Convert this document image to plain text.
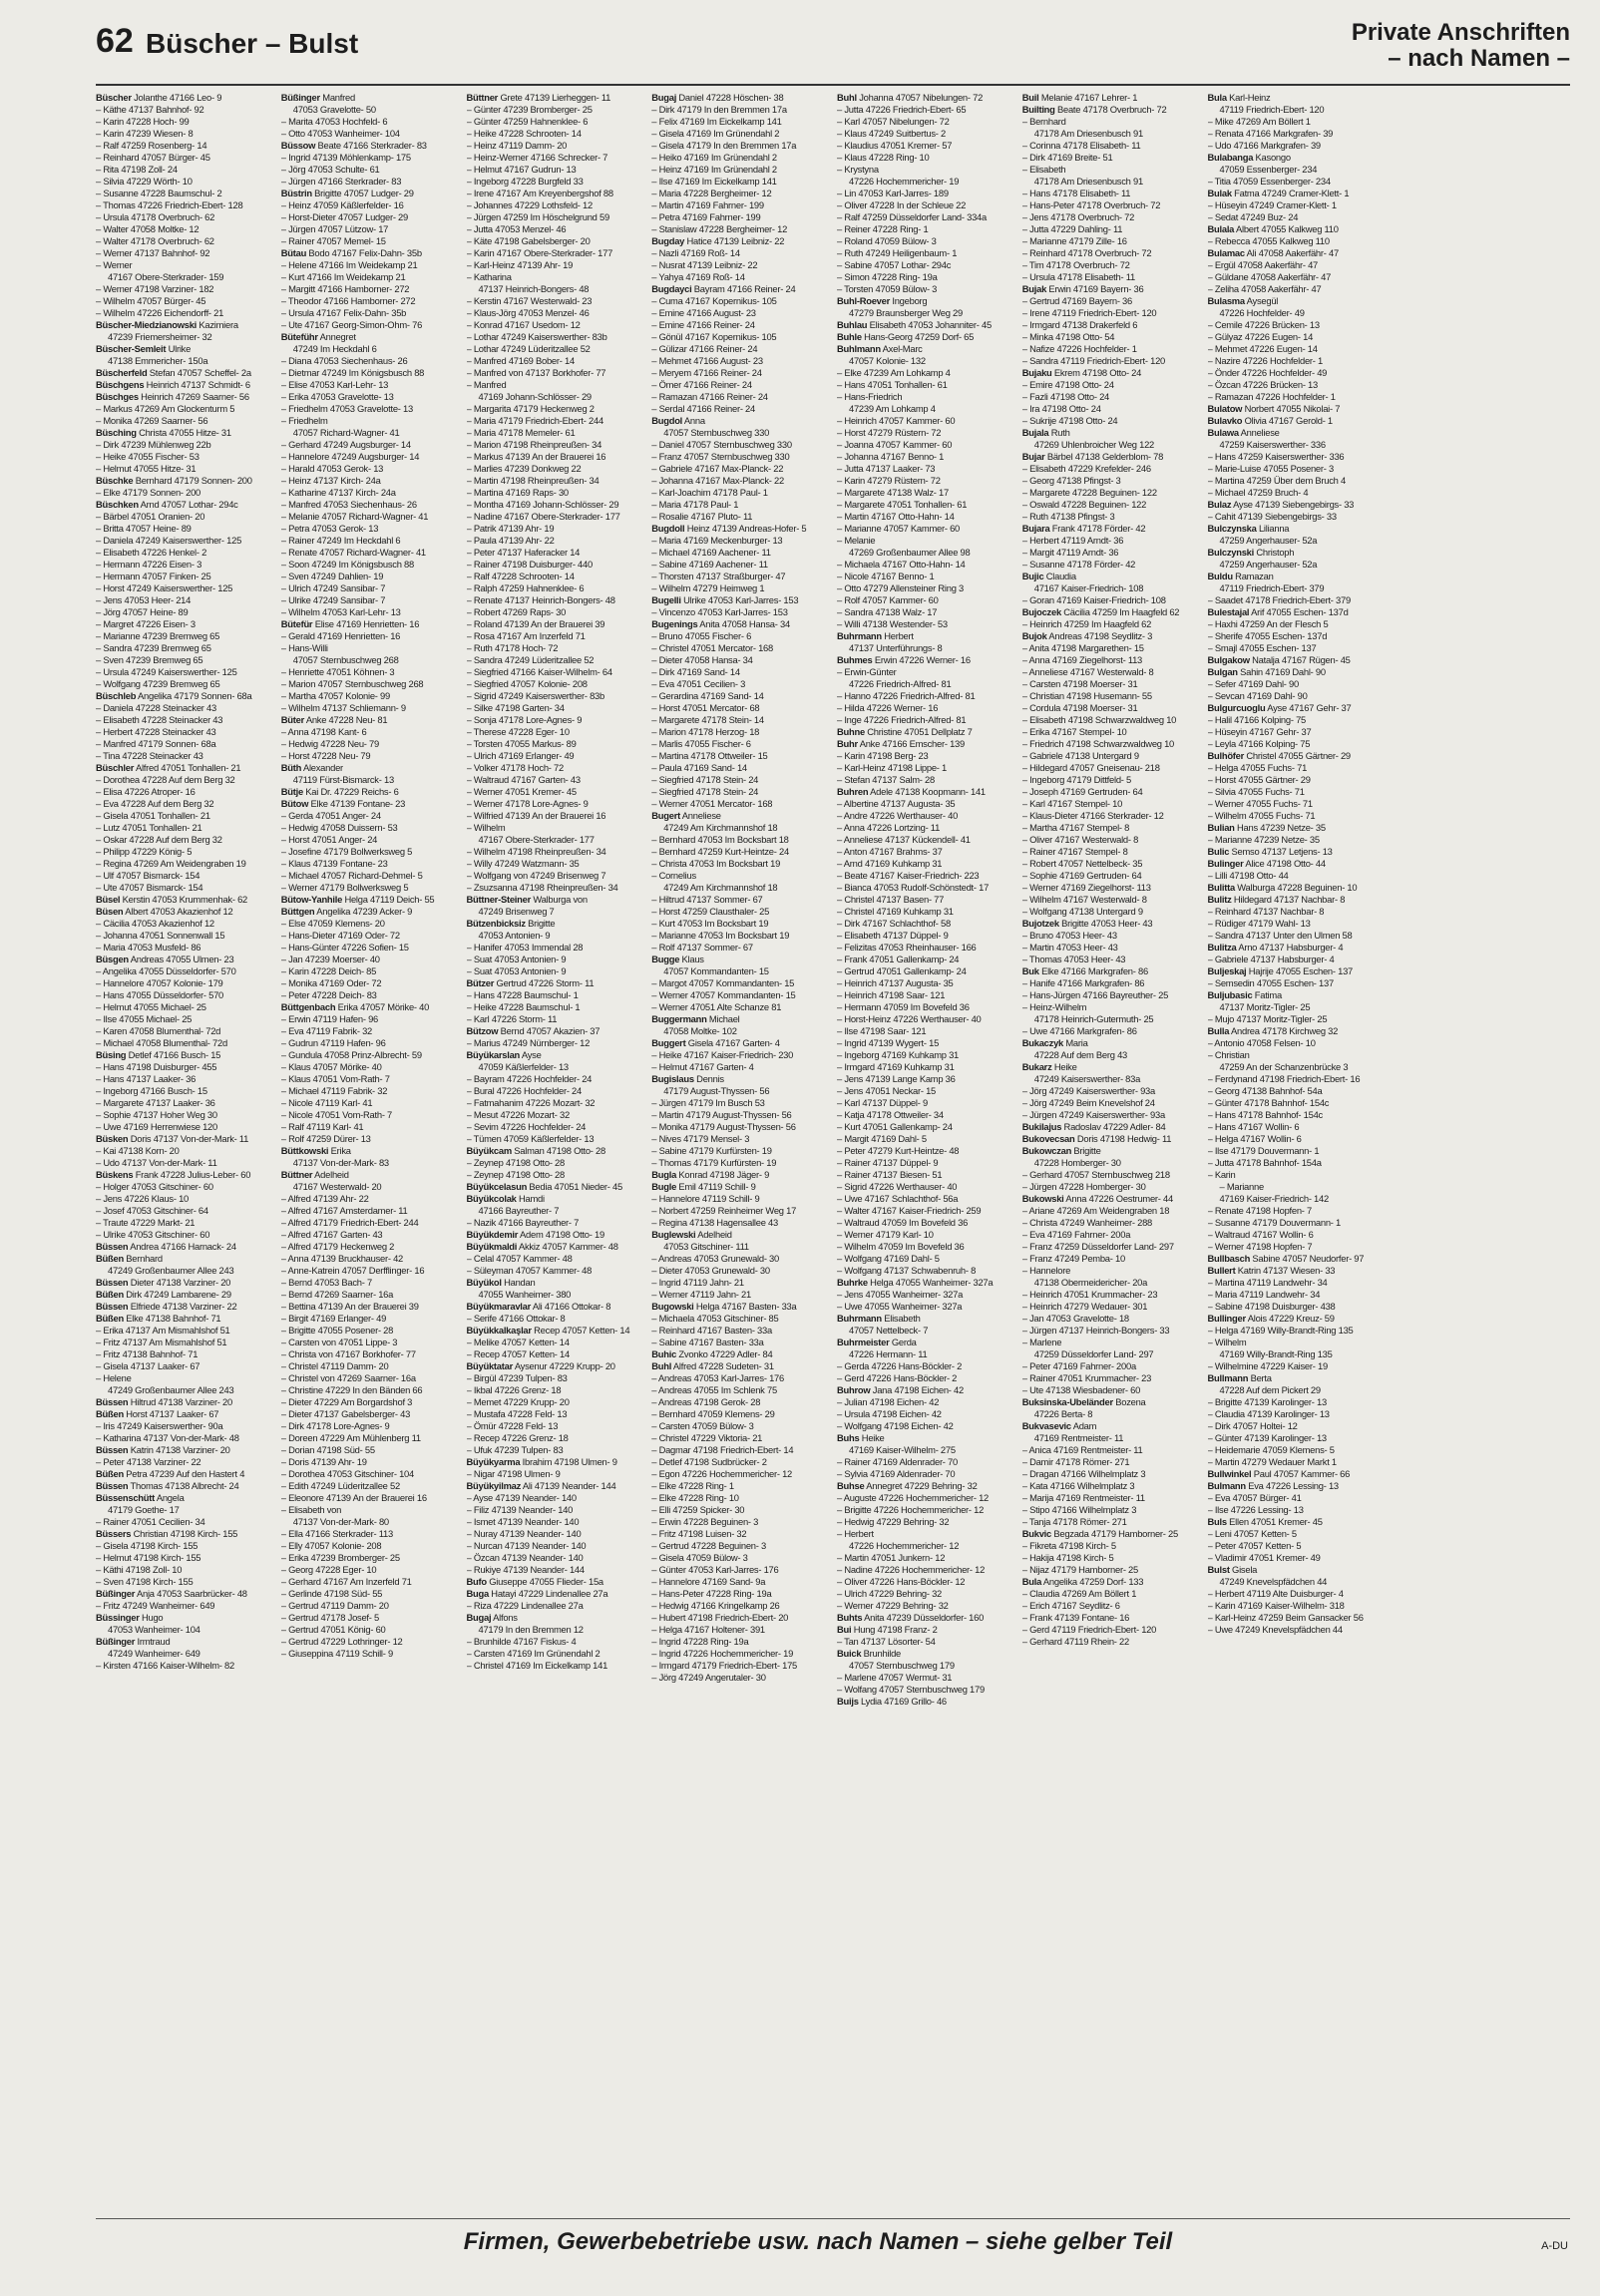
62 Büscher – Bulst	Private Anschriften
– nach Namen –
Büscher Jolanthe 47166 Leo- 9
– Käthe 47137 Bahnhof- 92
– Karin 47228 Hoch- 99
– Karin 47239 Wiesen- 8
– Ralf 47259 Rosenberg- 14
– Reinhard 47057 Bürger- 45
– Rita 47198 Zoll- 24
– Silvia 47229 Wörth- 10
– Susanne 47228 Baumschul- 2
– Thomas 47226 Friedrich-Ebert- 128
– Ursula 47178 Overbruch- 62
– Walter 47058 Moltke- 12
– Walter 47178 Overbruch- 62
– Werner 47137 Bahnhof- 92
– Werner
47167 Obere-Sterkrader- 159
– Werner 47198 Varziner- 182
– Wilhelm 47057 Bürger- 45
– Wilhelm 47226 Eichendorff- 21
Büscher-Miedzianowski Kazimiera
47239 Friemersheimer- 32
Büscher-Semleit Ulrike
47138 Emmericher- 150a
Büscherfeld Stefan 47057 Scheffel- 2a
Büschgens Heinrich 47137 Schmidt- 6
Büschges Heinrich 47269 Saarner- 56
– Markus 47269 Am Glockenturm 5
– Monika 47269 Saarner- 56
Büsching Christa 47055 Hitze- 31
– Dirk 47239 Mühlenweg 22b
– Heike 47055 Fischer- 53
– Helmut 47055 Hitze- 31
Büschke Bernhard 47179 Sonnen- 200
– Elke 47179 Sonnen- 200
Büschken Arnd 47057 Lothar- 294c
– Bärbel 47051 Oranien- 20
– Britta 47057 Heine- 89
– Daniela 47249 Kaiserswerther- 125
– Elisabeth 47226 Henkel- 2
– Hermann 47226 Eisen- 3
– Hermann 47057 Finken- 25
– Horst 47249 Kaiserswerther- 125
– Jens 47053 Heer- 214
– Jörg 47057 Heine- 89
– Margret 47226 Eisen- 3
– Marianne 47239 Bremweg 65
– Sandra 47239 Bremweg 65
– Sven 47239 Bremweg 65
– Ursula 47249 Kaiserswerther- 125
– Wolfgang 47239 Bremweg 65
Büschleb Angelika 47179 Sonnen- 68a
– Daniela 47228 Steinacker 43
– Elisabeth 47228 Steinacker 43
– Herbert 47228 Steinacker 43
– Manfred 47179 Sonnen- 68a
– Tina 47228 Steinacker 43
Büschler Alfred 47051 Tonhallen- 21
– Dorothea 47228 Auf dem Berg 32
– Elisa 47226 Atroper- 16
– Eva 47228 Auf dem Berg 32
– Gisela 47051 Tonhallen- 21
– Lutz 47051 Tonhallen- 21
– Oskar 47228 Auf dem Berg 32
– Philipp 47229 König- 5
– Regina 47269 Am Weidengraben 19
– Ulf 47057 Bismarck- 154
– Ute 47057 Bismarck- 154
Büsel Kerstin 47053 Krummenhak- 62
Büsen Albert 47053 Akazienhof 12
– Cäcilia 47053 Akazienhof 12
– Johanna 47051 Sonnenwall 15
– Maria 47053 Musfeld- 86
Büsgen Andreas 47055 Ulmen- 23
– Angelika 47055 Düsseldorfer- 570
– Hannelore 47057 Kolonie- 179
– Hans 47055 Düsseldorfer- 570
– Helmut 47055 Michael- 25
– Ilse 47055 Michael- 25
– Karen 47058 Blumenthal- 72d
– Michael 47058 Blumenthal- 72d
Büsing Detlef 47166 Busch- 15
– Hans 47198 Duisburger- 455
– Hans 47137 Laaker- 36
– Ingeborg 47166 Busch- 15
– Margarete 47137 Laaker- 36
– Sophie 47137 Hoher Weg 30
– Uwe 47169 Herrenwiese 120
Büsken Doris 47137 Von-der-Mark- 11
– Kai 47138 Korn- 20
– Udo 47137 Von-der-Mark- 11
Büskens Frank 47228 Julius-Leber- 60
– Holger 47053 Gitschiner- 60
– Jens 47226 Klaus- 10
– Josef 47053 Gitschiner- 64
– Traute 47229 Markt- 21
– Ulrike 47053 Gitschiner- 60
Büssen Andrea 47166 Harnack- 24
Büßen Bernhard
47249 Großenbaumer Allee 243
Büssen Dieter 47138 Varziner- 20
Büßen Dirk 47249 Lambarene- 29
Büssen Elfriede 47138 Varziner- 22
Büßen Elke 47138 Bahnhof- 71
– Erika 47137 Am Mismahlshof 51
– Fritz 47137 Am Mismahlshof 51
– Fritz 47138 Bahnhof- 71
– Gisela 47137 Laaker- 67
– Helene
47249 Großenbaumer Allee 243
Büssen Hiltrud 47138 Varziner- 20
Büßen Horst 47137 Laaker- 67
– Iris 47249 Kaiserswerther- 90a
– Katharina 47137 Von-der-Mark- 48
Büssen Katrin 47138 Varziner- 20
– Peter 47138 Varziner- 22
Büßen Petra 47239 Auf den Hastert 4
Büssen Thomas 47138 Albrecht- 24
Büssenschütt Angela
47179 Goethe- 17
– Rainer 47051 Cecilien- 34
Büssers Christian 47198 Kirch- 155
– Gisela 47198 Kirch- 155
– Helmut 47198 Kirch- 155
– Käthi 47198 Zoll- 10
– Sven 47198 Kirch- 155
Büßinger Anja 47053 Saarbrücker- 48
– Fritz 47249 Wanheimer- 649
Büssinger Hugo
47053 Wanheimer- 104
Büßinger Irmtraud
47249 Wanheimer- 649
– Kirsten 47166 Kaiser-Wilhelm- 82
Büßinger Manfred
47053 Gravelotte- 50
– Marita 47053 Hochfeld- 6
– Otto 47053 Wanheimer- 104
Büssow Beate 47166 Sterkrader- 83
– Ingrid 47139 Möhlenkamp- 175
– Jörg 47053 Schulte- 61
– Jürgen 47166 Sterkrader- 83
Büstrin Brigitte 47057 Ludger- 29
– Heinz 47059 Käßlerfelder- 16
– Horst-Dieter 47057 Ludger- 29
– Jürgen 47057 Lützow- 17
– Rainer 47057 Memel- 15
Bütau Bodo 47167 Felix-Dahn- 35b
– Helene 47166 Im Weidekamp 21
– Kurt 47166 Im Weidekamp 21
– Margitt 47166 Hamborner- 272
– Theodor 47166 Hamborner- 272
– Ursula 47167 Felix-Dahn- 35b
– Ute 47167 Georg-Simon-Ohm- 76
Büteführ Annegret
47249 Im Heckdahl 6
– Diana 47053 Siechenhaus- 26
– Dietmar 47249 Im Königsbusch 88
– Elise 47053 Karl-Lehr- 13
– Erika 47053 Gravelotte- 13
– Friedhelm 47053 Gravelotte- 13
– Friedhelm
47057 Richard-Wagner- 41
– Gerhard 47249 Augsburger- 14
– Hannelore 47249 Augsburger- 14
– Harald 47053 Gerok- 13
– Heinz 47137 Kirch- 24a
– Katharine 47137 Kirch- 24a
– Manfred 47053 Siechenhaus- 26
– Melanie 47057 Richard-Wagner- 41
– Petra 47053 Gerok- 13
– Rainer 47249 Im Heckdahl 6
– Renate 47057 Richard-Wagner- 41
– Soon 47249 Im Königsbusch 88
– Sven 47249 Dahlien- 19
– Ulrich 47249 Sansibar- 7
– Ulrike 47249 Sansibar- 7
– Wilhelm 47053 Karl-Lehr- 13
Bütefür Elise 47169 Henrietten- 16
– Gerald 47169 Henrietten- 16
– Hans-Willi
47057 Sternbuschweg 268
– Henriette 47051 Köhnen- 3
– Marion 47057 Sternbuschweg 268
– Martha 47057 Kolonie- 99
– Wilhelm 47137 Schliemann- 9
Büter Anke 47228 Neu- 81
– Anna 47198 Kant- 6
– Hedwig 47228 Neu- 79
– Horst 47228 Neu- 79
Büth Alexander
47119 Fürst-Bismarck- 13
Bütje Kai Dr. 47229 Reichs- 6
Bütow Elke 47139 Fontane- 23
– Gerda 47051 Anger- 24
– Hedwig 47058 Duissern- 53
– Horst 47051 Anger- 24
– Josefine 47179 Bollwerksweg 5
– Klaus 47139 Fontane- 23
– Michael 47057 Richard-Dehmel- 5
– Werner 47179 Bollwerksweg 5
Bütow-Yanhile Helga 47119 Deich- 55
Büttgen Angelika 47239 Acker- 9
– Else 47059 Klemens- 20
– Hans-Dieter 47169 Oder- 72
– Hans-Günter 47226 Sofien- 15
– Jan 47239 Moerser- 40
– Karin 47228 Deich- 85
– Monika 47169 Oder- 72
– Peter 47228 Deich- 83
Büttgenbach Erika 47057 Mörike- 40
– Erwin 47119 Hafen- 96
– Eva 47119 Fabrik- 32
– Gudrun 47119 Hafen- 96
– Gundula 47058 Prinz-Albrecht- 59
– Klaus 47057 Mörike- 40
– Klaus 47051 Vom-Rath- 7
– Michael 47119 Fabrik- 32
– Nicole 47119 Karl- 41
– Nicole 47051 Vom-Rath- 7
– Ralf 47119 Karl- 41
– Rolf 47259 Dürer- 13
Büttkowski Erika
47137 Von-der-Mark- 83
Büttner Adelheid
47167 Westerwald- 20
– Alfred 47139 Ahr- 22
– Alfred 47167 Amsterdamer- 11
– Alfred 47179 Friedrich-Ebert- 244
– Alfred 47167 Garten- 43
– Alfred 47179 Heckenweg 2
– Anna 47139 Bruckhauser- 42
– Anne-Katrein 47057 Derfflinger- 16
– Bernd 47053 Bach- 7
– Bernd 47269 Saarner- 16a
– Bettina 47139 An der Brauerei 39
– Birgit 47169 Erlanger- 49
– Brigitte 47055 Posener- 28
– Carsten von 47051 Lippe- 3
– Christa von 47167 Borkhofer- 77
– Christel 47119 Damm- 20
– Christel von 47269 Saarner- 16a
– Christine 47229 In den Bänden 66
– Dieter 47229 Am Borgardshof 3
– Dieter 47137 Gabelsberger- 43
– Dirk 47178 Lore-Agnes- 9
– Doreen 47229 Am Mühlenberg 11
– Dorian 47198 Süd- 55
– Doris 47139 Ahr- 19
– Dorothea 47053 Gitschiner- 104
– Edith 47249 Lüderitzallee 52
– Eleonore 47139 An der Brauerei 16
– Elisabeth von
47137 Von-der-Mark- 80
– Ella 47166 Sterkrader- 113
– Elly 47057 Kolonie- 208
– Erika 47239 Bromberger- 25
– Georg 47228 Eger- 10
– Gerhard 47167 Am Inzerfeld 71
– Gerlinde 47198 Süd- 55
– Gertrud 47119 Damm- 20
– Gertrud 47178 Josef- 5
– Gertrud 47051 König- 60
– Gertrud 47229 Lothringer- 12
– Giuseppina 47119 Schill- 9
Büttner Grete 47139 Lierheggen- 11
– Günter 47239 Bromberger- 25
– Günter 47259 Hahnenklee- 6
– Heike 47228 Schrooten- 14
– Heinz 47119 Damm- 20
– Heinz-Werner 47166 Schrecker- 7
– Helmut 47167 Gudrun- 13
– Ingeborg 47228 Burgfeld 33
– Irene 47167 Am Kreyenbergshof 88
– Johannes 47229 Lothsfeld- 12
– Jürgen 47259 Im Höschelgrund 59
– Jutta 47053 Menzel- 46
– Käte 47198 Gabelsberger- 20
– Karin 47167 Obere-Sterkrader- 177
– Karl-Heinz 47139 Ahr- 19
– Katharina
47137 Heinrich-Bongers- 48
– Kerstin 47167 Westerwald- 23
– Klaus-Jörg 47053 Menzel- 46
– Konrad 47167 Usedom- 12
– Lothar 47249 Kaiserswerther- 83b
– Lothar 47249 Lüderitzallee 52
– Manfred 47169 Bober- 14
– Manfred von 47137 Borkhofer- 77
– Manfred
47169 Johann-Schlösser- 29
– Margarita 47179 Heckenweg 2
– Maria 47179 Friedrich-Ebert- 244
– Maria 47178 Memeler- 61
– Marion 47198 Rheinpreußen- 34
– Markus 47139 An der Brauerei 16
– Marlies 47239 Donkweg 22
– Martin 47198 Rheinpreußen- 34
– Martina 47169 Raps- 30
– Montha 47169 Johann-Schlösser- 29
– Nadine 47167 Obere-Sterkrader- 177
– Patrik 47139 Ahr- 19
– Paula 47139 Ahr- 22
– Peter 47137 Haferacker 14
– Rainer 47198 Duisburger- 440
– Ralf 47228 Schrooten- 14
– Ralph 47259 Hahnenklee- 6
– Renate 47137 Heinrich-Bongers- 48
– Robert 47269 Raps- 30
– Roland 47139 An der Brauerei 39
– Rosa 47167 Am Inzerfeld 71
– Ruth 47178 Hoch- 72
– Sandra 47249 Lüderitzallee 52
– Siegfried 47166 Kaiser-Wilhelm- 64
– Siegfried 47057 Kolonie- 208
– Sigrid 47249 Kaiserswerther- 83b
– Silke 47198 Garten- 34
– Sonja 47178 Lore-Agnes- 9
– Therese 47228 Eger- 10
– Torsten 47055 Markus- 89
– Ulrich 47169 Erlanger- 49
– Volker 47178 Hoch- 72
– Waltraud 47167 Garten- 43
– Werner 47051 Kremer- 45
– Werner 47178 Lore-Agnes- 9
– Wilfried 47139 An der Brauerei 16
– Wilhelm
47167 Obere-Sterkrader- 177
– Wilhelm 47198 Rheinpreußen- 34
– Willy 47249 Watzmann- 35
– Wolfgang von 47249 Brisenweg 7
– Zsuzsanna 47198 Rheinpreußen- 34
Büttner-Steiner Walburga von
47249 Brisenweg 7
Bützenbicksiz Brigitte
47053 Antonien- 9
– Hanifer 47053 Immendal 28
– Suat 47053 Antonien- 9
– Suat 47053 Antonien- 9
Bützer Gertrud 47226 Storm- 11
– Hans 47228 Baumschul- 1
– Heike 47228 Baumschul- 1
– Karl 47226 Storm- 11
Bützow Bernd 47057 Akazien- 37
– Marius 47249 Nürnberger- 12
Büyükarslan Ayse
47059 Käßlerfelder- 13
– Bayram 47226 Hochfelder- 24
– Bural 47226 Hochfelder- 24
– Fatmahanim 47226 Mozart- 32
– Mesut 47226 Mozart- 32
– Sevim 47226 Hochfelder- 24
– Tümen 47059 Käßlerfelder- 13
Büyükcam Salman 47198 Otto- 28
– Zeynep 47198 Otto- 28
– Zeynep 47198 Otto- 28
Büyükcelasun Bedia 47051 Nieder- 45
Büyükcolak Hamdi
47166 Bayreuther- 7
– Nazik 47166 Bayreuther- 7
Büyükdemir Adem 47198 Otto- 19
Büyükmaldi Akkiz 47057 Kammer- 48
– Celal 47057 Kammer- 48
– Süleyman 47057 Kammer- 48
Büyükol Handan
47055 Wanheimer- 380
Büyükmaravlar Ali 47166 Ottokar- 8
– Serife 47166 Ottokar- 8
Büyükkalkaşlar Recep 47057 Ketten- 14
– Melike 47057 Ketten- 14
– Recep 47057 Ketten- 14
Büyüktatar Aysenur 47229 Krupp- 20
– Birgül 47239 Tulpen- 83
– Ikbal 47226 Grenz- 18
– Memet 47229 Krupp- 20
– Mustafa 47228 Feld- 13
– Ömür 47228 Feld- 13
– Recep 47226 Grenz- 18
– Ufuk 47239 Tulpen- 83
Büyükyarma Ibrahim 47198 Ulmen- 9
– Nigar 47198 Ulmen- 9
Büyükyilmaz Ali 47139 Neander- 144
– Ayse 47139 Neander- 140
– Filiz 47139 Neander- 140
– Ismet 47139 Neander- 140
– Nuray 47139 Neander- 140
– Nurcan 47139 Neander- 140
– Özcan 47139 Neander- 140
– Rukiye 47139 Neander- 144
Bufo Giuseppe 47055 Flieder- 15a
Buga Hatayi 47229 Lindenallee 27a
– Riza 47229 Lindenallee 27a
Bugaj Alfons
47179 In den Bremmen 12
– Brunhilde 47167 Fiskus- 4
– Carsten 47169 Im Grünendahl 2
– Christel 47169 Im Eickelkamp 141
Bugaj Daniel 47228 Höschen- 38
– Dirk 47179 In den Bremmen 17a
– Felix 47169 Im Eickelkamp 141
– Gisela 47169 Im Grünendahl 2
– Gisela 47179 In den Bremmen 17a
– Heiko 47169 Im Grünendahl 2
– Heinz 47169 Im Grünendahl 2
– Ilse 47169 Im Eickelkamp 141
– Maria 47228 Bergheimer- 12
– Martin 47169 Fahrner- 199
– Petra 47169 Fahrner- 199
– Stanislaw 47228 Bergheimer- 12
Bugday Hatice 47139 Leibniz- 22
– Nazli 47169 Roß- 14
– Nusrat 47139 Leibniz- 22
– Yahya 47169 Roß- 14
Bugdayci Bayram 47166 Reiner- 24
– Cuma 47167 Kopernikus- 105
– Emine 47166 August- 23
– Emine 47166 Reiner- 24
– Gönül 47167 Kopernikus- 105
– Gülizar 47166 Reiner- 24
– Mehmet 47166 August- 23
– Meryem 47166 Reiner- 24
– Ömer 47166 Reiner- 24
– Ramazan 47166 Reiner- 24
– Serdal 47166 Reiner- 24
Bugdol Anna
47057 Sternbuschweg 330
– Daniel 47057 Sternbuschweg 330
– Franz 47057 Sternbuschweg 330
– Gabriele 47167 Max-Planck- 22
– Johanna 47167 Max-Planck- 22
– Karl-Joachim 47178 Paul- 1
– Maria 47178 Paul- 1
– Rosalie 47167 Pluto- 11
Bugdoll Heinz 47139 Andreas-Hofer- 5
– Maria 47169 Meckenburger- 13
– Michael 47169 Aachener- 11
– Sabine 47169 Aachener- 11
– Thorsten 47137 Straßburger- 47
– Wilhelm 47279 Heimweg 1
Bugelli Ulrike 47053 Karl-Jarres- 153
– Vincenzo 47053 Karl-Jarres- 153
Bugenings Anita 47058 Hansa- 34
– Bruno 47055 Fischer- 6
– Christel 47051 Mercator- 168
– Dieter 47058 Hansa- 34
– Dirk 47169 Sand- 14
– Eva 47051 Cecilien- 3
– Gerardina 47169 Sand- 14
– Horst 47051 Mercator- 68
– Margarete 47178 Stein- 14
– Marion 47178 Herzog- 18
– Marlis 47055 Fischer- 6
– Martina 47178 Ottweiler- 15
– Paula 47169 Sand- 14
– Siegfried 47178 Stein- 24
– Siegfried 47178 Stein- 24
– Werner 47051 Mercator- 168
Bugert Anneliese
47249 Am Kirchmannshof 18
– Bernhard 47053 Im Bocksbart 18
– Bernhard 47259 Kurt-Heintze- 24
– Christa 47053 Im Bocksbart 19
– Cornelius
47249 Am Kirchmannshof 18
– Hiltrud 47137 Sommer- 67
– Horst 47259 Clausthaler- 25
– Kurt 47053 Im Bocksbart 19
– Marianne 47053 Im Bocksbart 19
– Rolf 47137 Sommer- 67
Bugge Klaus
47057 Kommandanten- 15
– Margot 47057 Kommandanten- 15
– Werner 47057 Kommandanten- 15
– Werner 47051 Alte Schanze 81
Buggermann Michael
47058 Moltke- 102
Buggert Gisela 47167 Garten- 4
– Heike 47167 Kaiser-Friedrich- 230
– Helmut 47167 Garten- 4
Bugislaus Dennis
47179 August-Thyssen- 56
– Jürgen 47179 Im Busch 53
– Martin 47179 August-Thyssen- 56
– Monika 47179 August-Thyssen- 56
– Nives 47179 Mensel- 3
– Sabine 47179 Kurfürsten- 19
– Thomas 47179 Kurfürsten- 19
Bugla Konrad 47198 Jäger- 9
Bugle Emil 47119 Schill- 9
– Hannelore 47119 Schill- 9
– Norbert 47259 Reinheimer Weg 17
– Regina 47138 Hagensallee 43
Buglewski Adelheid
47053 Gitschiner- 111
– Andreas 47053 Grunewald- 30
– Dieter 47053 Grunewald- 30
– Ingrid 47119 Jahn- 21
– Werner 47119 Jahn- 21
Bugowski Helga 47167 Basten- 33a
– Michaela 47053 Gitschiner- 85
– Reinhard 47167 Basten- 33a
– Sabine 47167 Basten- 33a
Buhic Zvonko 47229 Adler- 84
Buhl Alfred 47228 Sudeten- 31
– Andreas 47053 Karl-Jarres- 176
– Andreas 47055 Im Schlenk 75
– Andreas 47198 Gerok- 28
– Bernhard 47059 Klemens- 29
– Carsten 47059 Bülow- 3
– Christel 47229 Viktoria- 21
– Dagmar 47198 Friedrich-Ebert- 14
– Detlef 47198 Sudbrücker- 2
– Egon 47226 Hochemmericher- 12
– Elke 47228 Ring- 1
– Elke 47228 Ring- 10
– Elli 47259 Spicker- 30
– Erwin 47228 Beguinen- 3
– Fritz 47198 Luisen- 32
– Gertrud 47228 Beguinen- 3
– Gisela 47059 Bülow- 3
– Günter 47053 Karl-Jarres- 176
– Hannelore 47169 Sand- 9a
– Hans-Peter 47228 Ring- 19a
– Hedwig 47166 Kringelkamp 26
– Hubert 47198 Friedrich-Ebert- 20
– Helga 47167 Holtener- 391
– Ingrid 47228 Ring- 19a
– Ingrid 47226 Hochemmericher- 19
– Irmgard 47179 Friedrich-Ebert- 175
– Jörg 47249 Angerutaler- 30
Buhl Johanna 47057 Nibelungen- 72
– Jutta 47226 Friedrich-Ebert- 65
– Karl 47057 Nibelungen- 72
– Klaus 47249 Suitbertus- 2
– Klaudius 47051 Kremer- 57
– Klaus 47228 Ring- 10
– Krystyna
47226 Hochemmericher- 19
– Lin 47053 Karl-Jarres- 189
– Oliver 47228 In der Schleue 22
– Ralf 47259 Düsseldorfer Land- 334a
– Reiner 47228 Ring- 1
– Roland 47059 Bülow- 3
– Ruth 47249 Heiligenbaum- 1
– Sabine 47057 Lothar- 294c
– Simon 47228 Ring- 19a
– Torsten 47059 Bülow- 3
Buhl-Roever Ingeborg
47279 Braunsberger Weg 29
Buhlau Elisabeth 47053 Johanniter- 45
Buhle Hans-Georg 47259 Dorf- 65
Buhlmann Axel-Marc
47057 Kolonie- 132
– Elke 47239 Am Lohkamp 4
– Hans 47051 Tonhallen- 61
– Hans-Friedrich
47239 Am Lohkamp 4
– Heinrich 47057 Kammer- 60
– Horst 47279 Rüstern- 72
– Joanna 47057 Kammer- 60
– Johanna 47167 Benno- 1
– Jutta 47137 Laaker- 73
– Karin 47279 Rüstern- 72
– Margarete 47138 Walz- 17
– Margarete 47051 Tonhallen- 61
– Martin 47167 Otto-Hahn- 14
– Marianne 47057 Kammer- 60
– Melanie
47269 Großenbaumer Allee 98
– Michaela 47167 Otto-Hahn- 14
– Nicole 47167 Benno- 1
– Otto 47279 Allensteiner Ring 3
– Rolf 47057 Kammer- 60
– Sandra 47138 Walz- 17
– Willi 47138 Westender- 53
Buhrmann Herbert
47137 Unterführungs- 8
Buhmes Erwin 47226 Werner- 16
– Erwin-Günter
47226 Friedrich-Alfred- 81
– Hanno 47226 Friedrich-Alfred- 81
– Hilda 47226 Werner- 16
– Inge 47226 Friedrich-Alfred- 81
Buhne Christine 47051 Dellplatz 7
Buhr Anke 47166 Emscher- 139
– Karin 47198 Berg- 23
– Karl-Heinz 47198 Lippe- 1
– Stefan 47137 Salm- 28
Buhren Adele 47138 Koopmann- 141
– Albertine 47137 Augusta- 35
– Andre 47226 Werthauser- 40
– Anna 47226 Lortzing- 11
– Anneliese 47137 Kückendell- 41
– Anton 47167 Brahms- 37
– Arnd 47169 Kuhkamp 31
– Beate 47167 Kaiser-Friedrich- 223
– Bianca 47053 Rudolf-Schönstedt- 17
– Christel 47137 Basen- 77
– Christel 47169 Kuhkamp 31
– Dirk 47167 Schlachthof- 58
– Elisabeth 47137 Düppel- 9
– Felizitas 47053 Rheinhauser- 166
– Frank 47051 Gallenkamp- 24
– Gertrud 47051 Gallenkamp- 24
– Heinrich 47137 Augusta- 35
– Heinrich 47198 Saar- 121
– Hermann 47059 Im Bovefeld 36
– Horst-Heinz 47226 Werthauser- 40
– Ilse 47198 Saar- 121
– Ingrid 47139 Wygert- 15
– Ingeborg 47169 Kuhkamp 31
– Irmgard 47169 Kuhkamp 31
– Jens 47139 Lange Kamp 36
– Jens 47051 Neckar- 15
– Karl 47137 Düppel- 9
– Katja 47178 Ottweiler- 34
– Kurt 47051 Gallenkamp- 24
– Margit 47169 Dahl- 5
– Peter 47279 Kurt-Heintze- 48
– Rainer 47137 Düppel- 9
– Rainer 47137 Biesen- 51
– Sigrid 47226 Werthauser- 40
– Uwe 47167 Schlachthof- 56a
– Walter 47167 Kaiser-Friedrich- 259
– Waltraud 47059 Im Bovefeld 36
– Werner 47179 Karl- 10
– Wilhelm 47059 Im Bovefeld 36
– Wolfgang 47169 Dahl- 5
– Wolfgang 47137 Schwabenruh- 8
Buhrke Helga 47055 Wanheimer- 327a
– Jens 47055 Wanheimer- 327a
– Uwe 47055 Wanheimer- 327a
Buhrmann Elisabeth
47057 Nettelbeck- 7
Buhrmeister Gerda
47226 Hermann- 11
– Gerda 47226 Hans-Böckler- 2
– Gerd 47226 Hans-Böckler- 2
Buhrow Jana 47198 Eichen- 42
– Julian 47198 Eichen- 42
– Ursula 47198 Eichen- 42
– Wolfgang 47198 Eichen- 42
Buhs Heike
47169 Kaiser-Wilhelm- 275
– Rainer 47169 Aldenrader- 70
– Sylvia 47169 Aldenrader- 70
Buhse Annegret 47229 Behring- 32
– Auguste 47226 Hochemmericher- 12
– Brigitte 47226 Hochemmericher- 12
– Hedwig 47229 Behring- 32
– Herbert
47226 Hochemmericher- 12
– Martin 47051 Junkern- 12
– Nadine 47226 Hochemmericher- 12
– Oliver 47226 Hans-Böckler- 12
– Ulrich 47229 Behring- 32
– Werner 47229 Behring- 32
Buhts Anita 47239 Düsseldorfer- 160
Bui Hung 47198 Franz- 2
– Tan 47137 Lösorter- 54
Buick Brunhilde
47057 Sternbuschweg 179
– Marlene 47057 Wermut- 31
– Wolfang 47057 Sternbuschweg 179
Buijs Lydia 47169 Grillo- 46
Buil Melanie 47167 Lehrer- 1
Builting Beate 47178 Overbruch- 72
– Bernhard
47178 Am Driesenbusch 91
– Corinna 47178 Elisabeth- 11
– Dirk 47169 Breite- 51
– Elisabeth
47178 Am Driesenbusch 91
– Hans 47178 Elisabeth- 11
– Hans-Peter 47178 Overbruch- 72
– Jens 47178 Overbruch- 72
– Jutta 47229 Dahling- 11
– Marianne 47179 Zille- 16
– Reinhard 47178 Overbruch- 72
– Tim 47178 Overbruch- 72
– Ursula 47178 Elisabeth- 11
Bujak Erwin 47169 Bayern- 36
– Gertrud 47169 Bayern- 36
– Irene 47119 Friedrich-Ebert- 120
– Irmgard 47138 Drakerfeld 6
– Minka 47198 Otto- 54
– Nafize 47226 Hochfelder- 1
– Sandra 47119 Friedrich-Ebert- 120
Bujaku Ekrem 47198 Otto- 24
– Emire 47198 Otto- 24
– Fazli 47198 Otto- 24
– Ira 47198 Otto- 24
– Sukrije 47198 Otto- 24
Bujala Ruth
47269 Uhlenbroicher Weg 122
Bujar Bärbel 47138 Gelderblom- 78
– Elisabeth 47229 Krefelder- 246
– Georg 47138 Pfingst- 3
– Margarete 47228 Beguinen- 122
– Oswald 47228 Beguinen- 122
– Ruth 47138 Pfingst- 3
Bujara Frank 47178 Förder- 42
– Herbert 47119 Arndt- 36
– Margit 47119 Arndt- 36
– Susanne 47178 Förder- 42
Bujic Claudia
47167 Kaiser-Friedrich- 108
– Goran 47169 Kaiser-Friedrich- 108
Bujoczek Cäcilia 47259 Im Haagfeld 62
– Heinrich 47259 Im Haagfeld 62
Bujok Andreas 47198 Seydlitz- 3
– Anita 47198 Margarethen- 15
– Anna 47169 Ziegelhorst- 113
– Anneliese 47167 Westerwald- 8
– Carsten 47198 Moerser- 31
– Christian 47198 Husemann- 55
– Cordula 47198 Moerser- 31
– Elisabeth 47198 Schwarzwaldweg 10
– Erika 47167 Stempel- 10
– Friedrich 47198 Schwarzwaldweg 10
– Gabriele 47138 Untergard 9
– Hildegard 47057 Gneisenau- 218
– Ingeborg 47179 Dittfeld- 5
– Joseph 47169 Gertruden- 64
– Karl 47167 Stempel- 10
– Klaus-Dieter 47166 Sterkrader- 12
– Martha 47167 Stempel- 8
– Oliver 47167 Westerwald- 8
– Rainer 47167 Stempel- 8
– Robert 47057 Nettelbeck- 35
– Sophie 47169 Gertruden- 64
– Werner 47169 Ziegelhorst- 113
– Wilhelm 47167 Westerwald- 8
– Wolfgang 47138 Untergard 9
Bujotzek Brigitte 47053 Heer- 43
– Bruno 47053 Heer- 43
– Martin 47053 Heer- 43
– Thomas 47053 Heer- 43
Buk Elke 47166 Markgrafen- 86
– Hanife 47166 Markgrafen- 86
– Hans-Jürgen 47166 Bayreuther- 25
– Heinz-Wilhelm
47178 Heinrich-Gutermuth- 25
– Uwe 47166 Markgrafen- 86
Bukaczyk Maria
47228 Auf dem Berg 43
Bukarz Heike
47249 Kaiserswerther- 83a
– Jörg 47249 Kaiserswerther- 93a
– Jörg 47249 Beim Knevelshof 24
– Jürgen 47249 Kaiserswerther- 93a
Bukilajus Radoslav 47229 Adler- 84
Bukovecsan Doris 47198 Hedwig- 11
Bukowczan Brigitte
47228 Homberger- 30
– Gerhard 47057 Sternbuschweg 218
– Jürgen 47228 Homberger- 30
Bukowski Anna 47226 Oestrumer- 44
– Ariane 47269 Am Weidengraben 18
– Christa 47249 Wanheimer- 288
– Eva 47169 Fahrner- 200a
– Franz 47259 Düsseldorfer Land- 297
– Franz 47249 Pemba- 10
– Hannelore
47138 Obermeidericher- 20a
– Heinrich 47051 Krummacher- 23
– Heinrich 47279 Wedauer- 301
– Jan 47053 Gravelotte- 18
– Jürgen 47137 Heinrich-Bongers- 33
– Marlene
47259 Düsseldorfer Land- 297
– Peter 47169 Fahrner- 200a
– Rainer 47051 Krummacher- 23
– Ute 47138 Wiesbadener- 60
Buksinska-Ubeländer Bozena
47226 Berta- 8
Bukvasevic Adam
47169 Rentmeister- 11
– Anica 47169 Rentmeister- 11
– Damir 47178 Römer- 271
– Dragan 47166 Wilhelmplatz 3
– Kata 47166 Wilhelmplatz 3
– Marija 47169 Rentmeister- 11
– Stipo 47166 Wilhelmplatz 3
– Tanja 47178 Römer- 271
Bukvic Begzada 47179 Hamborner- 25
– Fikreta 47198 Kirch- 5
– Hakija 47198 Kirch- 5
– Nijaz 47179 Hamborner- 25
Bula Angelika 47259 Dorf- 133
– Claudia 47269 Am Böllert 1
– Erich 47167 Seydlitz- 6
– Frank 47139 Fontane- 16
– Gerd 47119 Friedrich-Ebert- 120
– Gerhard 47119 Rhein- 22
Bula Karl-Heinz
47119 Friedrich-Ebert- 120
– Mike 47269 Am Böllert 1
– Renata 47166 Markgrafen- 39
– Udo 47166 Markgrafen- 39
Bulabanga Kasongo
47059 Essenberger- 234
– Titia 47059 Essenberger- 234
Bulak Fatma 47249 Cramer-Klett- 1
– Hüseyin 47249 Cramer-Klett- 1
– Sedat 47249 Buz- 24
Bulala Albert 47055 Kalkweg 110
– Rebecca 47055 Kalkweg 110
Bulamac Ali 47058 Aakerfähr- 47
– Ergül 47058 Aakerfähr- 47
– Güldane 47058 Aakerfähr- 47
– Zeliha 47058 Aakerfähr- 47
Bulasma Aysegül
47226 Hochfelder- 49
– Cemile 47226 Brücken- 13
– Gülyaz 47226 Eugen- 14
– Mehmet 47226 Eugen- 14
– Nazire 47226 Hochfelder- 1
– Önder 47226 Hochfelder- 49
– Özcan 47226 Brücken- 13
– Ramazan 47226 Hochfelder- 1
Bulatow Norbert 47055 Nikolai- 7
Bulavko Olivia 47167 Gerold- 1
Bulawa Anneliese
47259 Kaiserswerther- 336
– Hans 47259 Kaiserswerther- 336
– Marie-Luise 47055 Posener- 3
– Martina 47259 Über dem Bruch 4
– Michael 47259 Bruch- 4
Bulaz Ayse 47139 Siebengebirgs- 33
– Cahit 47139 Siebengebirgs- 33
Bulczynska Lilianna
47259 Angerhauser- 52a
Bulczynski Christoph
47259 Angerhauser- 52a
Buldu Ramazan
47119 Friedrich-Ebert- 379
– Saadet 47178 Friedrich-Ebert- 379
Bulestajal Arif 47055 Eschen- 137d
– Haxhi 47259 An der Flesch 5
– Sherife 47055 Eschen- 137d
– Smajl 47055 Eschen- 137
Bulgakow Natalja 47167 Rügen- 45
Bulgan Sahin 47169 Dahl- 90
– Sefer 47169 Dahl- 90
– Sevcan 47169 Dahl- 90
Bulgurcuoglu Ayse 47167 Gehr- 37
– Halil 47166 Kolping- 75
– Hüseyin 47167 Gehr- 37
– Leyla 47166 Kolping- 75
Bulhöfer Christel 47055 Gärtner- 29
– Helga 47055 Fuchs- 71
– Horst 47055 Gärtner- 29
– Silvia 47055 Fuchs- 71
– Werner 47055 Fuchs- 71
– Wilhelm 47055 Fuchs- 71
Bulian Hans 47239 Netze- 35
– Marianne 47239 Netze- 35
Bulic Semso 47137 Letjens- 13
Bulinger Alice 47198 Otto- 44
– Lilli 47198 Otto- 44
Bulitta Walburga 47228 Beguinen- 10
Bulitz Hildegard 47137 Nachbar- 8
– Reinhard 47137 Nachbar- 8
– Rüdiger 47179 Wahl- 13
– Sandra 47137 Unter den Ulmen 58
Bulitza Arno 47137 Habsburger- 4
– Gabriele 47137 Habsburger- 4
Buljeskaj Hajrije 47055 Eschen- 137
– Semsedin 47055 Eschen- 137
Buljubasic Fatima
47137 Moritz-Tigler- 25
– Mujo 47137 Moritz-Tigler- 25
Bulla Andrea 47178 Kirchweg 32
– Antonio 47058 Felsen- 10
– Christian
47259 An der Schanzenbrücke 3
– Ferdynand 47198 Friedrich-Ebert- 16
– Georg 47138 Bahnhof- 54a
– Günter 47178 Bahnhof- 154c
– Hans 47178 Bahnhof- 154c
– Hans 47167 Wollin- 6
– Helga 47167 Wollin- 6
– Ilse 47179 Douvermann- 1
– Jutta 47178 Bahnhof- 154a
– Karin
– Marianne
47169 Kaiser-Friedrich- 142
– Renate 47198 Hopfen- 7
– Susanne 47179 Douvermann- 1
– Waltraud 47167 Wollin- 6
– Werner 47198 Hopfen- 7
Bullbasch Sabine 47057 Neudorfer- 97
Bullert Katrin 47137 Wiesen- 33
– Martina 47119 Landwehr- 34
– Maria 47119 Landwehr- 34
– Sabine 47198 Duisburger- 438
Bullinger Alois 47229 Kreuz- 59
– Helga 47169 Willy-Brandt-Ring 135
– Wilhelm
47169 Willy-Brandt-Ring 135
– Wilhelmine 47229 Kaiser- 19
Bullmann Berta
47228 Auf dem Pickert 29
– Brigitte 47139 Karolinger- 13
– Claudia 47139 Karolinger- 13
– Dirk 47057 Holtei- 12
– Günter 47139 Karolinger- 13
– Heidemarie 47059 Klemens- 5
– Martin 47279 Wedauer Markt 1
Bullwinkel Paul 47057 Kammer- 66
Bulmann Eva 47226 Lessing- 13
– Eva 47057 Bürger- 41
– Ilse 47226 Lessing- 13
Buls Ellen 47051 Kremer- 45
– Leni 47057 Ketten- 5
– Peter 47057 Ketten- 5
– Vladimir 47051 Kremer- 49
Bulst Gisela
47249 Knevelspfädchen 44
– Herbert 47119 Alte Duisburger- 4
– Karin 47169 Kaiser-Wilhelm- 318
– Karl-Heinz 47259 Beim Gansacker 56
– Uwe 47249 Knevelspfädchen 44
Firmen, Gewerbebetriebe usw. nach Namen – siehe gelber Teil	A-DU
